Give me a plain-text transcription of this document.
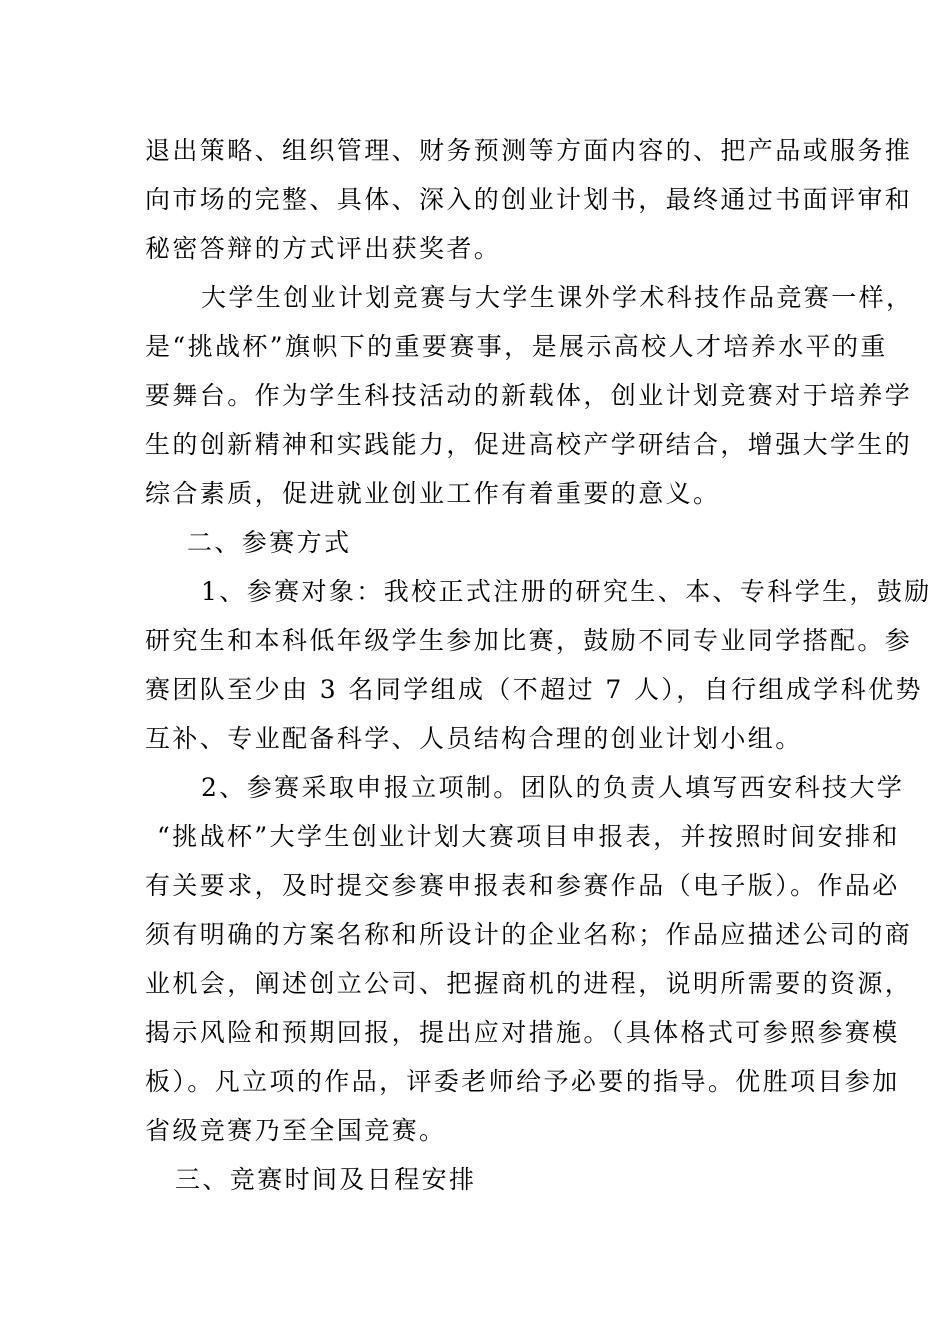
退出策略、组织管理、财务预测等方面内容的、把产品或服务推
向市场的完整、具体、深入的创业计划书，最终通过书面评审和
秘密答辩的方式评出获奖者。
大学生创业计划竞赛与大学生课外学术科技作品竞赛一样，
是“挑战杯”旗帜下的重要赛事，是展示高校人才培养水平的重
要舞台。作为学生科技活动的新载体，创业计划竞赛对于培养学
生的创新精神和实践能力，促进高校产学研结合，增强大学生的
综合素质，促进就业创业工作有着重要的意义。
二、参赛方式
1、参赛对象：我校正式注册的研究生、本、专科学生，鼓励
研究生和本科低年级学生参加比赛，鼓励不同专业同学搭配。参
赛团队至少由 3 名同学组成（不超过 7 人），自行组成学科优势
互补、专业配备科学、人员结构合理的创业计划小组。
2、参赛采取申报立项制。团队的负责人填写西安科技大学
“挑战杯”大学生创业计划大赛项目申报表，并按照时间安排和
有关要求，及时提交参赛申报表和参赛作品（电子版）。作品必
须有明确的方案名称和所设计的企业名称；作品应描述公司的商
业机会，阐述创立公司、把握商机的进程，说明所需要的资源，
揭示风险和预期回报，提出应对措施。（具体格式可参照参赛模
板）。凡立项的作品，评委老师给予必要的指导。优胜项目参加
省级竞赛乃至全国竞赛。
三、竞赛时间及日程安排
